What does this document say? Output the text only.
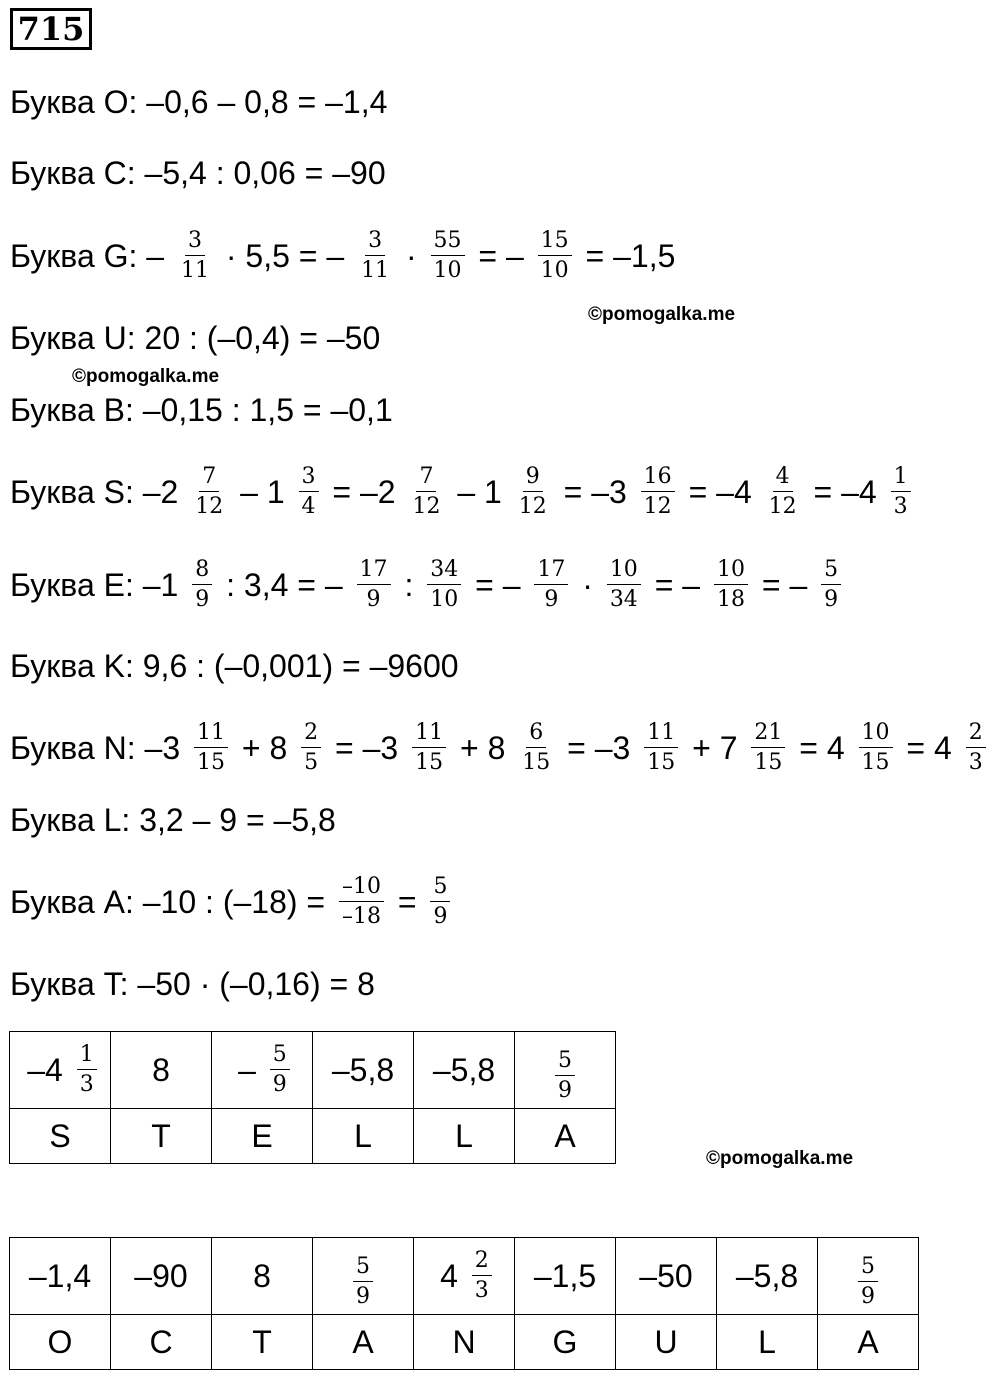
715
Буква O: –0,6 – 0,8 = –1,4
Буква C: –5,4 : 0,06 = –90
Буква G: – $\frac{3}{11} \cdot 5,5$ = – $\frac{3}{11} \cdot \frac{55}{10}$ = – $\frac{15}{10} = -1,5$
Буква U: 20 : (–0,4) = –50
Буква B: –0,15 : 1,5 = –0,1
Буква S: $-2 \frac{7}{12} - 1 \frac{3}{4} = -2 \frac{7}{12} - 1 \frac{9}{12} = -3 \frac{16}{12} = -4 \frac{4}{12} = -4 \frac{1}{3}$
Буква E: $-1 \frac{8}{9}$ : 3,4 = – $\frac{17}{9}$ : $\frac{34}{10}$ = – $\frac{17}{9} \cdot \frac{10}{34}$ = – $\frac{10}{18}$ = – $\frac{5}{9}$
Буква K: 9,6 : (–0,001) = –9600
Буква N: $-3 \frac{11}{15} + 8 \frac{2}{5} = -3 \frac{11}{15} + 8 \frac{6}{15} = -3 \frac{11}{15} + 7 \frac{21}{15} = 4 \frac{10}{15} = 4 \frac{2}{3}$
Буква L: 3,2 – 9 = –5,8
Буква A: –10 : $(-18) = \frac{-10}{-18} = \frac{5}{9}$
Буква T: –50 · (–0,16) = 8
©pomogalka.me
©pomogalka.me
©pomogalka.me
$-4 \frac{1}{3}$	8	– $\frac{5}{9}$	–5,8	–5,8	$\frac{5}{9}$

S	T	E	L	L	A
–1,4	–90	8	$\frac{5}{9}$	$4 \frac{2}{3}$	–1,5	–50	–5,8	$\frac{5}{9}$

O	C	T	A	N	G	U	L	A
